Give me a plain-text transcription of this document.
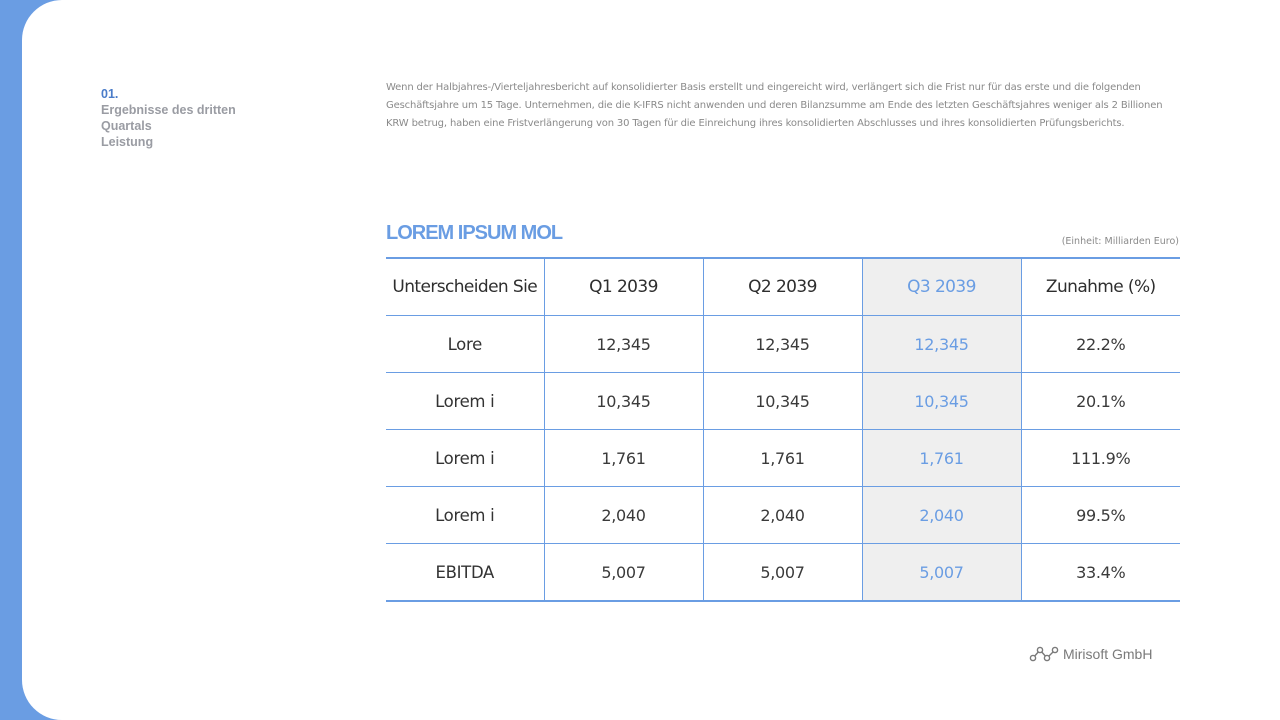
01.
Ergebnisse des dritten
Quartals
Leistung

Wenn der Halbjahres-/Vierteljahresbericht auf konsolidierter Basis erstellt und eingereicht wird, verlängert sich die Frist nur für das erste und die folgenden Geschäftsjahre um 15 Tage. Unternehmen, die die K-IFRS nicht anwenden und deren Bilanzsumme am Ende des letzten Geschäftsjahres weniger als 2 Billionen KRW betrug, haben eine Fristverlängerung von 30 Tagen für die Einreichung ihres konsolidierten Abschlusses und ihres konsolidierten Prüfungsberichts.

LOREM IPSUM MOL	(Einheit: Milliarden Euro)
Unterscheiden Sie	Q1 2039	Q2 2039	Q3 2039	Zunahme (%)
Lore	12,345	12,345	12,345	22.2%
Lorem i	10,345	10,345	10,345	20.1%
Lorem i	1,761	1,761	1,761	111.9%
Lorem i	2,040	2,040	2,040	99.5%
EBITDA	5,007	5,007	5,007	33.4%
Mirisoft GmbH
